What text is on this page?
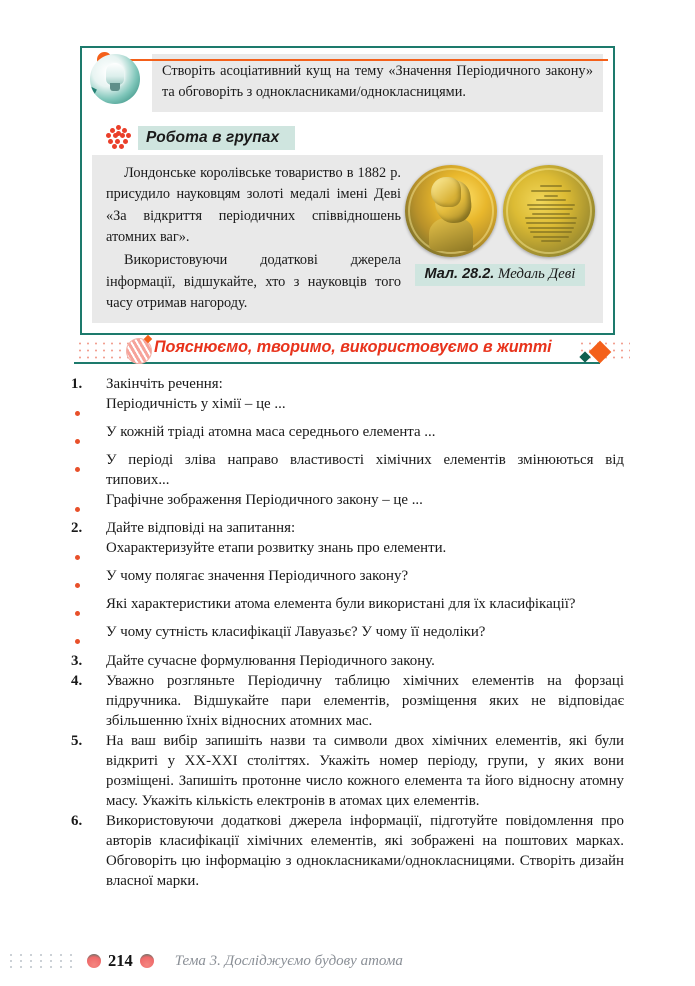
Створіть асоціативний кущ на тему «Значення Періодичного закону» та обговоріть з однокласниками/однокласницями.
Робота в групах

Лондонське королівське товариство в 1882 р. присудило науковцям золоті медалі імені Деві «За відкриття періодичних співвідношень атомних ваг».

Використовуючи додаткові джерела інформації, відшукайте, хто з науковців того часу отримав нагороду.

Мал. 28.2. Медаль Деві
Пояснюємо, творимо, використовуємо в житті
1.	Закінчіть речення:
Періодичність у хімії – це ...
У кожній тріаді атомна маса середнього елемента ...
У періоді зліва направо властивості хімічних елементів змінюються від типових...
Графічне зображення Періодичного закону – це ...
2.	Дайте відповіді на запитання:
Охарактеризуйте етапи розвитку знань про елементи.
У чому полягає значення Періодичного закону?
Які характеристики атома елемента були використані для їх класифікації?
У чому сутність класифікації Лавуазьє? У чому її недоліки?
3.	Дайте сучасне формулювання Періодичного закону.
4.	Уважно розгляньте Періодичну таблицю хімічних елементів на форзаці підручника. Відшукайте пари елементів, розміщення яких не відповідає збільшенню їхніх відносних атомних мас.
5.	На ваш вибір запишіть назви та символи двох хімічних елементів, які були відкриті у XX-XXI століттях. Укажіть номер періоду, групи, у яких вони розміщені. Запишіть протонне число кожного елемента та його відносну атомну масу. Укажіть кількість електронів в атомах цих елементів.
6.	Використовуючи додаткові джерела інформації, підготуйте повідомлення про авторів класифікації хімічних елементів, які зображені на поштових марках. Обговоріть цю інформацію з однокласниками/однокласницями. Створіть дизайн власної марки.
214	Тема 3. Досліджуємо будову атома
